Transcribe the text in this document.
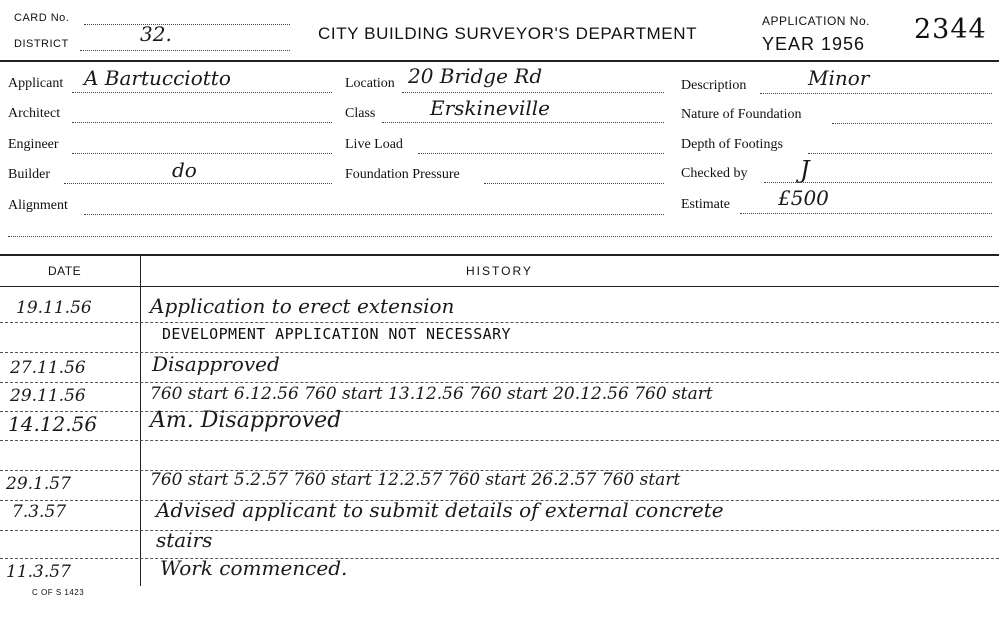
CARD No.
DISTRICT	32.	CITY BUILDING SURVEYOR'S DEPARTMENT
APPLICATION No.
YEAR 1956 2344
Applicant A Bartucciotto
Architect
Engineer
Builder	do
Alignment
Location 20 Bridge Rd
Class	Erskineville
Live Load
Foundation Pressure
Description	Minor
Nature of Foundation
Depth of Footings
Checked by J
Estimate £500
DATE	HISTORY
19.11.56	Application to erect extension
DEVELOPMENT APPLICATION NOT NECESSARY
27.11.56	Disapproved
29.11.56	760 start 6.12.56 760 start 13.12.56 760 start 20.12.56 760 start
14.12.56 Am. Disapproved
29.1.57	760 start 5.2.57 760 start 12.2.57 760 start 26.2.57 760 start
7.3.57	Advised applicant to submit details of external concrete
stairs
11.3.57	Work commenced.
C OF S 1423
